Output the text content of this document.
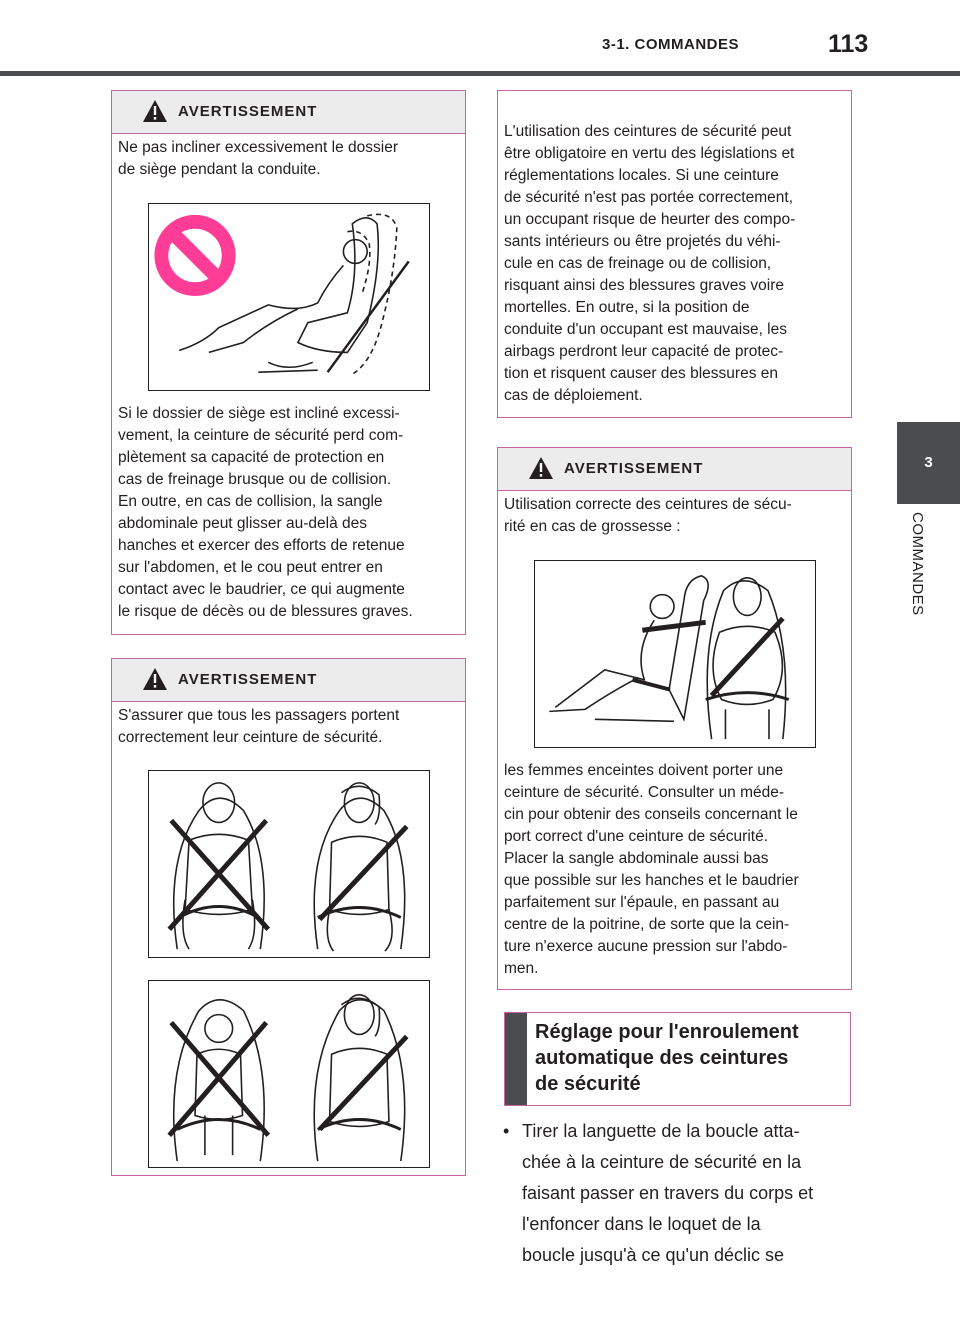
3-1. COMMANDES	113
3
COMMANDES
AVERTISSEMENT
Ne pas incliner excessivement le dossier
de siège pendant la conduite.
Si le dossier de siège est incliné excessi-
vement, la ceinture de sécurité perd com-
plètement sa capacité de protection en
cas de freinage brusque ou de collision.
En outre, en cas de collision, la sangle
abdominale peut glisser au-delà des
hanches et exercer des efforts de retenue
sur l'abdomen, et le cou peut entrer en
contact avec le baudrier, ce qui augmente
le risque de décès ou de blessures graves.
AVERTISSEMENT
S'assurer que tous les passagers portent
correctement leur ceinture de sécurité.
L'utilisation des ceintures de sécurité peut
être obligatoire en vertu des législations et
réglementations locales. Si une ceinture
de sécurité n'est pas portée correctement,
un occupant risque de heurter des compo-
sants intérieurs ou être projetés du véhi-
cule en cas de freinage ou de collision,
risquant ainsi des blessures graves voire
mortelles. En outre, si la position de
conduite d'un occupant est mauvaise, les
airbags perdront leur capacité de protec-
tion et risquent causer des blessures en
cas de déploiement.
AVERTISSEMENT
Utilisation correcte des ceintures de sécu-
rité en cas de grossesse :
les femmes enceintes doivent porter une
ceinture de sécurité. Consulter un méde-
cin pour obtenir des conseils concernant le
port correct d'une ceinture de sécurité.
Placer la sangle abdominale aussi bas
que possible sur les hanches et le baudrier
parfaitement sur l'épaule, en passant au
centre de la poitrine, de sorte que la cein-
ture n'exerce aucune pression sur l'abdo-
men.
Réglage pour l'enroulement
automatique des ceintures
de sécurité
• Tirer la languette de la boucle atta-
chée à la ceinture de sécurité en la
faisant passer en travers du corps et
l'enfoncer dans le loquet de la
boucle jusqu'à ce qu'un déclic se
